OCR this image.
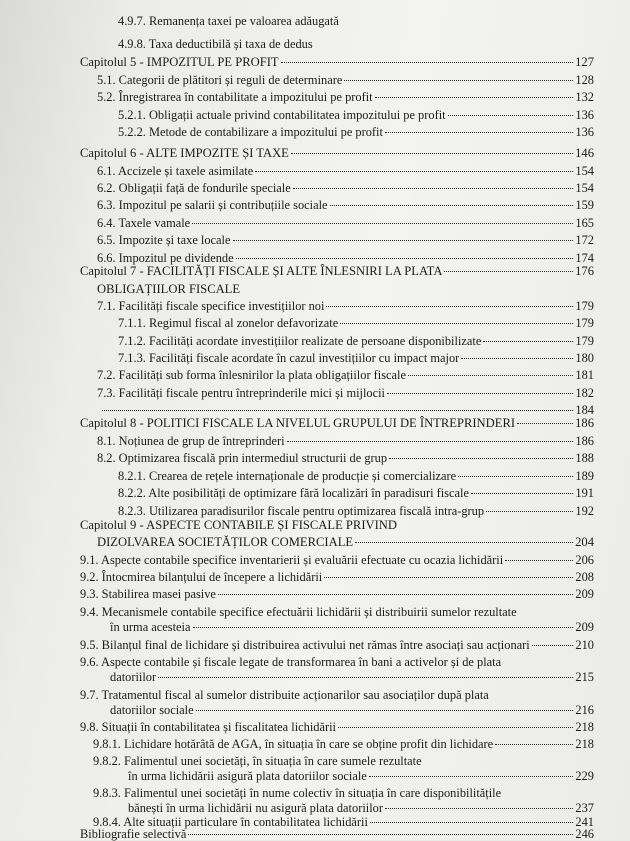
4.9.7. Remanența taxei pe valoarea adăugată
4.9.8. Taxa deductibilă și taxa de dedus
Capitolul 5 - IMPOZITUL PE PROFIT	127
5.1. Categorii de plătitori și reguli de determinare	128
5.2. Înregistrarea în contabilitate a impozitului pe profit	132
5.2.1. Obligații actuale privind contabilitatea impozitului pe profit	136
5.2.2. Metode de contabilizare a impozitului pe profit	136
Capitolul 6 - ALTE IMPOZITE ȘI TAXE	146
6.1. Accizele și taxele asimilate	154
6.2. Obligații față de fondurile speciale	154
6.3. Impozitul pe salarii și contribuțiile sociale	159
6.4. Taxele vamale	165
6.5. Impozite și taxe locale	172
6.6. Impozitul pe dividende	174
Capitolul 7 - FACILITĂȚI FISCALE ȘI ALTE ÎNLESNIRI LA PLATA	176
OBLIGAȚIILOR FISCALE
7.1. Facilități fiscale specifice investițiilor noi	179
7.1.1. Regimul fiscal al zonelor defavorizate	179
7.1.2. Facilități acordate investițiilor realizate de persoane disponibilizate	179
7.1.3. Facilități fiscale acordate în cazul investițiilor cu impact major	180
7.2. Facilități sub forma înlesnirilor la plata obligațiilor fiscale	181
7.3. Facilități fiscale pentru întreprinderile mici și mijlocii	182
184
Capitolul 8 - POLITICI FISCALE LA NIVELUL GRUPULUI DE ÎNTREPRINDERI	186
8.1. Noțiunea de grup de întreprinderi	186
8.2. Optimizarea fiscală prin intermediul structurii de grup	188
8.2.1. Crearea de rețele internaționale de producție și comercializare	189
8.2.2. Alte posibilități de optimizare fără localizări în paradisuri fiscale	191
8.2.3. Utilizarea paradisurilor fiscale pentru optimizarea fiscală intra-grup	192
Capitolul 9 - ASPECTE CONTABILE ȘI FISCALE PRIVIND
DIZOLVAREA SOCIETĂȚILOR COMERCIALE	204
9.1. Aspecte contabile specifice inventarierii și evaluării efectuate cu ocazia lichidării	206
9.2. Întocmirea bilanțului de începere a lichidării	208
9.3. Stabilirea masei pasive	209
9.4. Mecanismele contabile specifice efectuării lichidării și distribuirii sumelor rezultate
în urma acesteia	209
9.5. Bilanțul final de lichidare și distribuirea activului net rămas între asociați sau acționari	210
9.6. Aspecte contabile și fiscale legate de transformarea în bani a activelor și de plata
datoriilor	215
9.7. Tratamentul fiscal al sumelor distribuite acționarilor sau asociaților după plata
datoriilor sociale	216
9.8. Situații în contabilitatea și fiscalitatea lichidării	218
9.8.1. Lichidare hotărâtă de AGA, în situația în care se obține profit din lichidare	218
9.8.2. Falimentul unei societăți, în situația în care sumele rezultate
în urma lichidării asigură plata datoriilor sociale	229
9.8.3. Falimentul unei societăți în nume colectiv în situația în care disponibilitățile
bănești în urma lichidării nu asigură plata datoriilor	237
9.8.4. Alte situații particulare în contabilitatea lichidării	241
Bibliografie selectivă	246
